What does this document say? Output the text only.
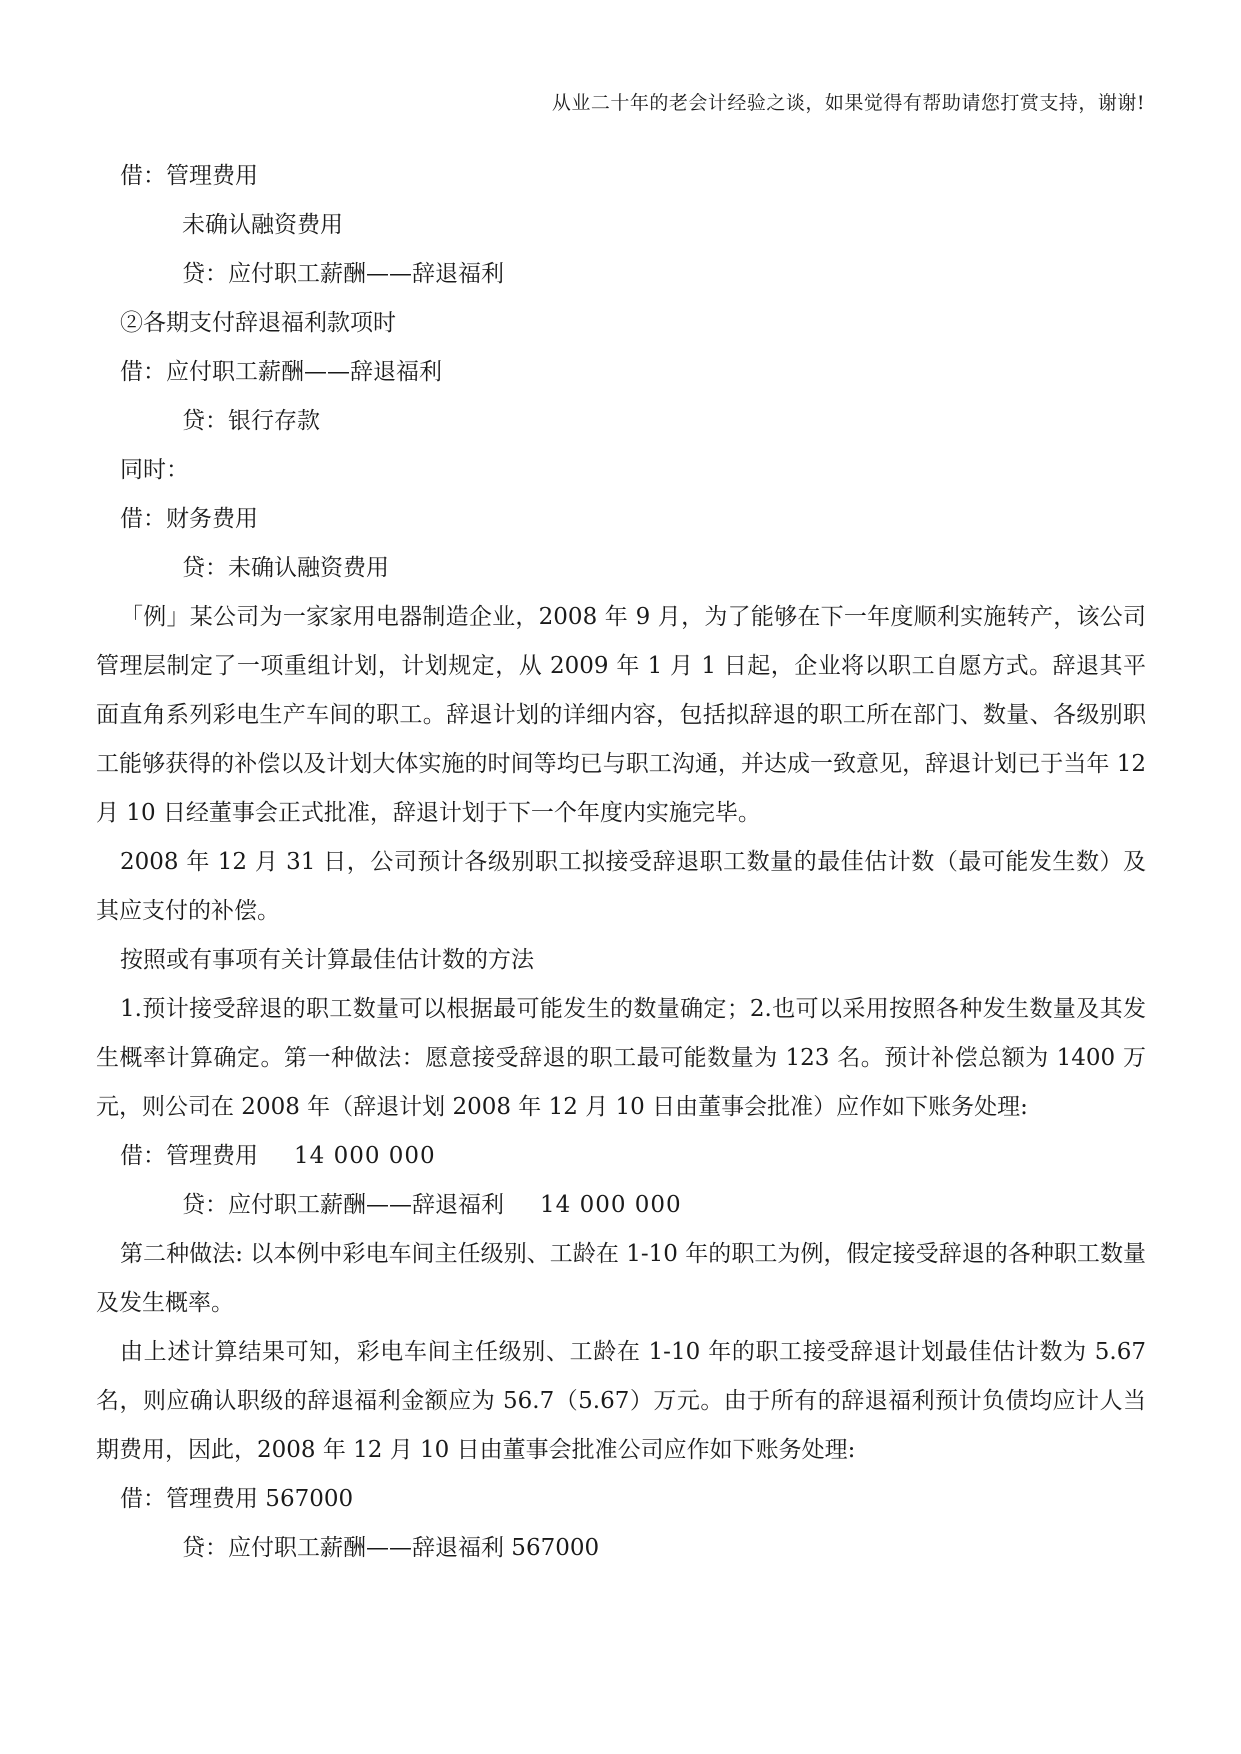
从业二十年的老会计经验之谈，如果觉得有帮助请您打赏支持，谢谢!
借：管理费用
未确认融资费用
贷：应付职工薪酬——辞退福利
②各期支付辞退福利款项时
借：应付职工薪酬——辞退福利
贷：银行存款
同时：
借：财务费用
贷：未确认融资费用

「例」某公司为一家家用电器制造企业，2008 年 9 月，为了能够在下一年度顺利实施转产，该公司管理层制定了一项重组计划，计划规定，从 2009 年 1 月 1 日起，企业将以职工自愿方式。辞退其平面直角系列彩电生产车间的职工。辞退计划的详细内容，包括拟辞退的职工所在部门、数量、各级别职工能够获得的补偿以及计划大体实施的时间等均已与职工沟通，并达成一致意见，辞退计划已于当年 12 月 10 日经董事会正式批准，辞退计划于下一个年度内实施完毕。

2008 年 12 月 31 日，公司预计各级别职工拟接受辞退职工数量的最佳估计数（最可能发生数）及其应支付的补偿。

按照或有事项有关计算最佳估计数的方法

1.预计接受辞退的职工数量可以根据最可能发生的数量确定；2.也可以采用按照各种发生数量及其发生概率计算确定。第一种做法：愿意接受辞退的职工最可能数量为 123 名。预计补偿总额为 1400 万元，则公司在 2008 年（辞退计划 2008 年 12 月 10 日由董事会批准）应作如下账务处理:

借：管理费用 14 000 000
贷：应付职工薪酬——辞退福利 14 000 000

第二种做法: 以本例中彩电车间主任级别、工龄在 1-10 年的职工为例，假定接受辞退的各种职工数量及发生概率。

由上述计算结果可知，彩电车间主任级别、工龄在 1-10 年的职工接受辞退计划最佳估计数为 5.67 名，则应确认职级的辞退福利金额应为 56.7（5.67）万元。由于所有的辞退福利预计负债均应计人当期费用，因此，2008 年 12 月 10 日由董事会批准公司应作如下账务处理:

借：管理费用 567000
贷：应付职工薪酬——辞退福利 567000
